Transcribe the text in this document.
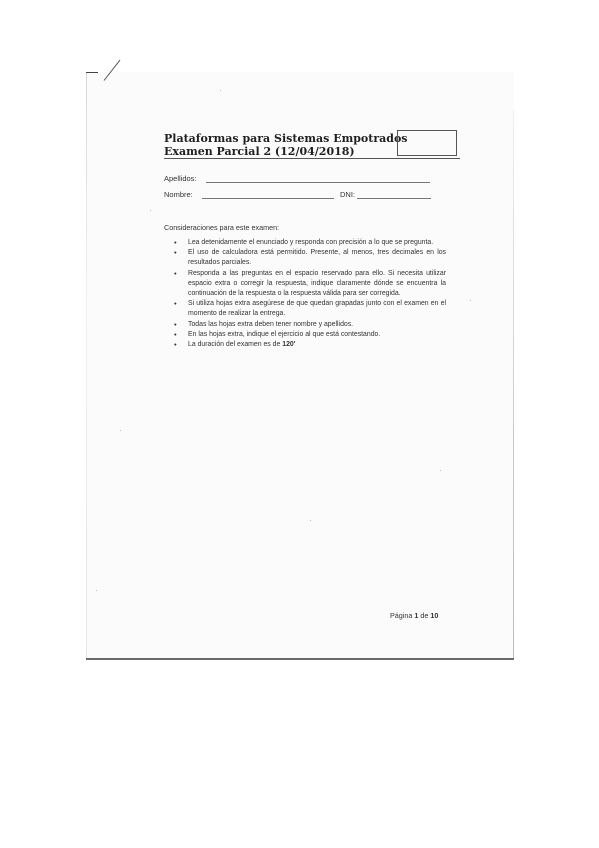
Plataformas para Sistemas Empotrados
Examen Parcial 2 (12/04/2018)
Apellidos:
Nombre:	DNI:
Consideraciones para este examen:
• Lea detenidamente el enunciado y responda con precisión a lo que se pregunta.
• El uso de calculadora está permitido. Presente, al menos, tres decimales en los resultados parciales.
• Responda a las preguntas en el espacio reservado para ello. Si necesita utilizar espacio extra o corregir la respuesta, indique claramente dónde se encuentra la continuación de la respuesta o la respuesta válida para ser corregida.
• Si utiliza hojas extra asegúrese de que quedan grapadas junto con el examen en el momento de realizar la entrega.
• Todas las hojas extra deben tener nombre y apellidos.
• En las hojas extra, indique el ejercicio al que está contestando.
• La duración del examen es de 120'
Página 1 de 10
